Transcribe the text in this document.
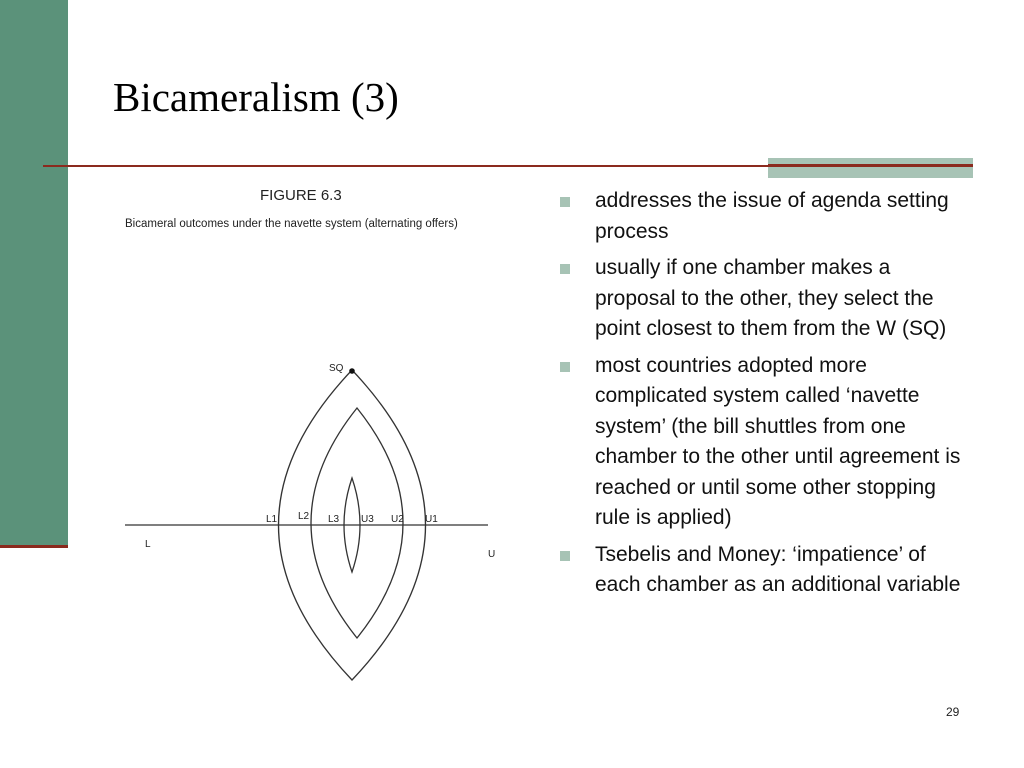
Bicameralism (3)
FIGURE 6.3
Bicameral outcomes under the navette system (alternating offers)
SQ
L
U
L1 L2 L3 U3 U2 U1
addresses the issue of agenda setting process
usually if one chamber makes a proposal to the other, they select the point closest to them from the W (SQ)
most countries adopted more complicated system called ‘navette system’ (the bill shuttles from one chamber to the other until agreement is reached or until some other stopping rule is applied)
Tsebelis and Money: ‘impatience’ of each chamber as an additional variable
29
